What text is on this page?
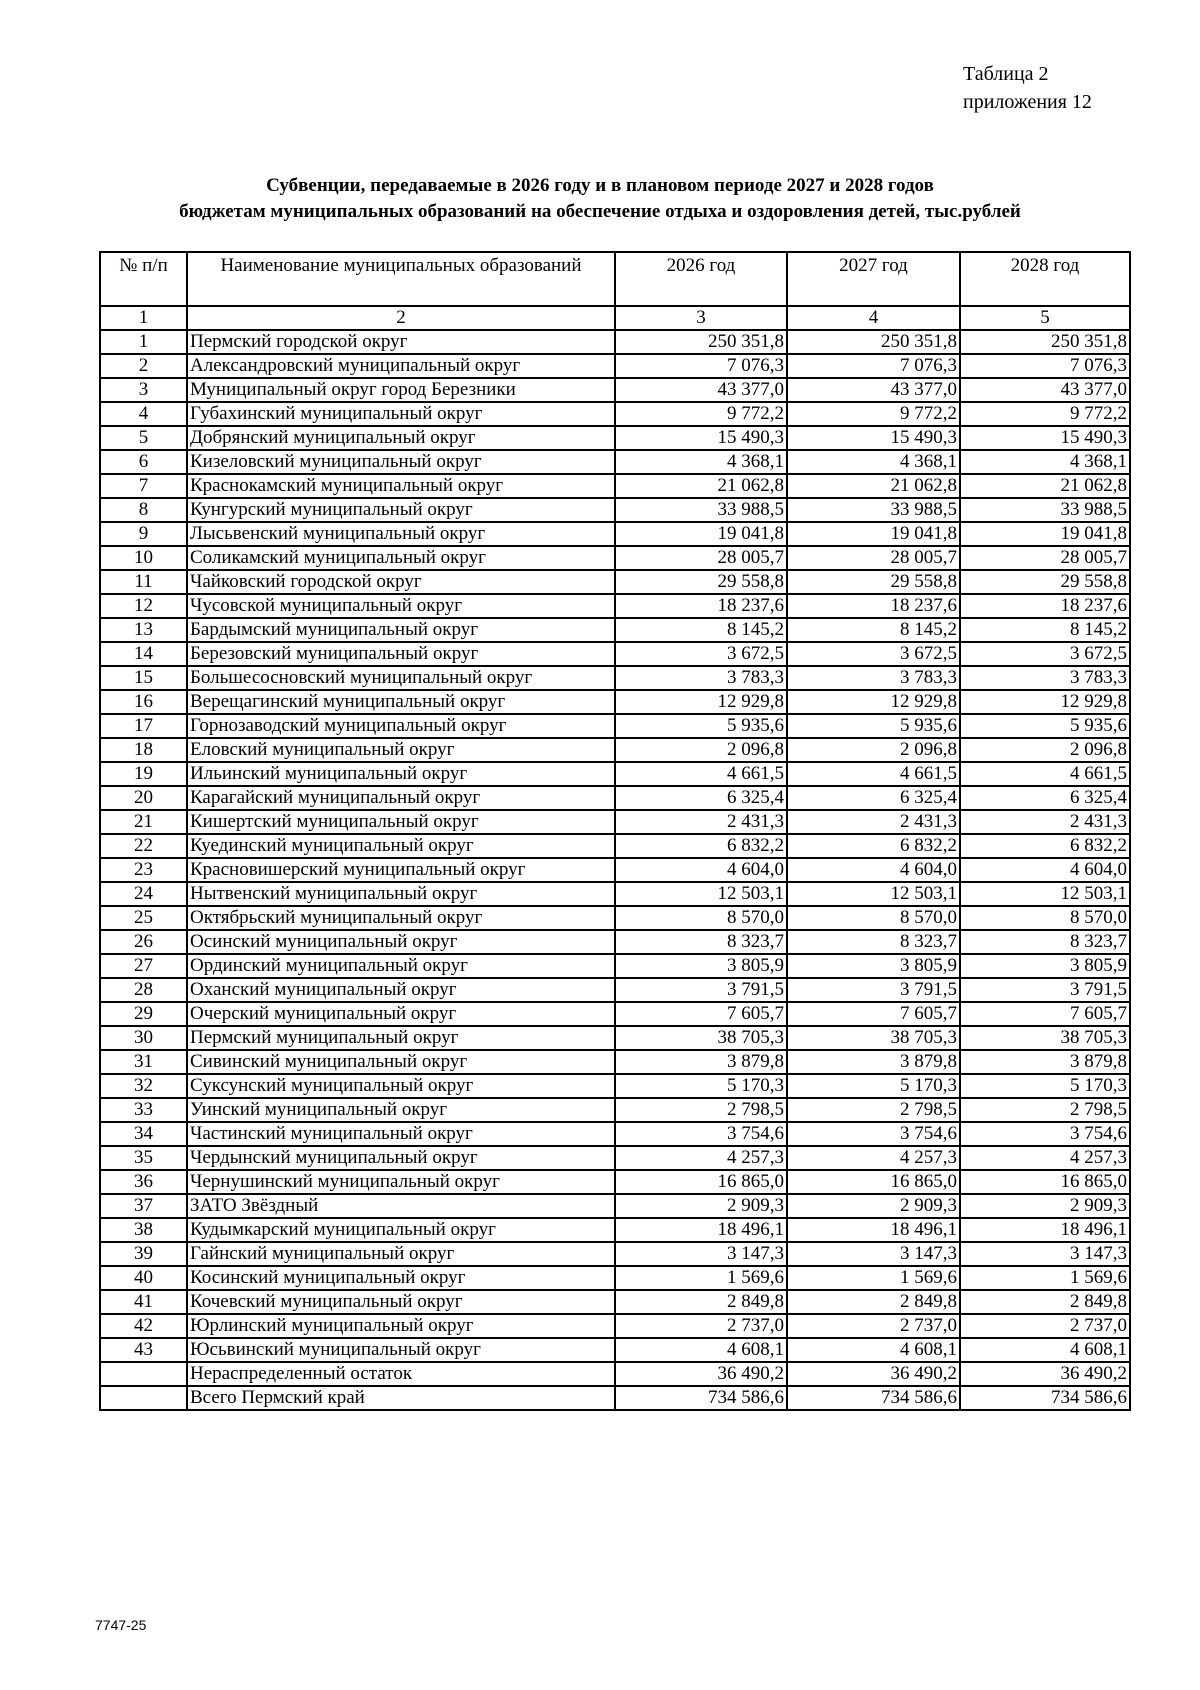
Таблица 2
приложения 12
Субвенции, передаваемые в 2026 году и в плановом периоде 2027 и 2028 годов
бюджетам муниципальных образований на обеспечение отдыха и оздоровления детей, тыс.рублей
№ п/п	Наименование муниципальных образований	2026 год	2027 год	2028 год
1	2	3	4	5
1	Пермский городской округ	250 351,8	250 351,8	250 351,8
2	Александровский муниципальный округ	7 076,3	7 076,3	7 076,3
3	Муниципальный округ город Березники	43 377,0	43 377,0	43 377,0
4	Губахинский муниципальный округ	9 772,2	9 772,2	9 772,2
5	Добрянский муниципальный округ	15 490,3	15 490,3	15 490,3
6	Кизеловский муниципальный округ	4 368,1	4 368,1	4 368,1
7	Краснокамский муниципальный округ	21 062,8	21 062,8	21 062,8
8	Кунгурский муниципальный округ	33 988,5	33 988,5	33 988,5
9	Лысьвенский муниципальный округ	19 041,8	19 041,8	19 041,8
10	Соликамский муниципальный округ	28 005,7	28 005,7	28 005,7
11	Чайковский городской округ	29 558,8	29 558,8	29 558,8
12	Чусовской муниципальный округ	18 237,6	18 237,6	18 237,6
13	Бардымский муниципальный округ	8 145,2	8 145,2	8 145,2
14	Березовский муниципальный округ	3 672,5	3 672,5	3 672,5
15	Большесосновский муниципальный округ	3 783,3	3 783,3	3 783,3
16	Верещагинский муниципальный округ	12 929,8	12 929,8	12 929,8
17	Горнозаводский муниципальный округ	5 935,6	5 935,6	5 935,6
18	Еловский муниципальный округ	2 096,8	2 096,8	2 096,8
19	Ильинский муниципальный округ	4 661,5	4 661,5	4 661,5
20	Карагайский муниципальный округ	6 325,4	6 325,4	6 325,4
21	Кишертский муниципальный округ	2 431,3	2 431,3	2 431,3
22	Куединский муниципальный округ	6 832,2	6 832,2	6 832,2
23	Красновишерский муниципальный округ	4 604,0	4 604,0	4 604,0
24	Нытвенский муниципальный округ	12 503,1	12 503,1	12 503,1
25	Октябрьский муниципальный округ	8 570,0	8 570,0	8 570,0
26	Осинский муниципальный округ	8 323,7	8 323,7	8 323,7
27	Ординский муниципальный округ	3 805,9	3 805,9	3 805,9
28	Оханский муниципальный округ	3 791,5	3 791,5	3 791,5
29	Очерский муниципальный округ	7 605,7	7 605,7	7 605,7
30	Пермский муниципальный округ	38 705,3	38 705,3	38 705,3
31	Сивинский муниципальный округ	3 879,8	3 879,8	3 879,8
32	Суксунский муниципальный округ	5 170,3	5 170,3	5 170,3
33	Уинский муниципальный округ	2 798,5	2 798,5	2 798,5
34	Частинский муниципальный округ	3 754,6	3 754,6	3 754,6
35	Чердынский муниципальный округ	4 257,3	4 257,3	4 257,3
36	Чернушинский муниципальный округ	16 865,0	16 865,0	16 865,0
37	ЗАТО Звёздный	2 909,3	2 909,3	2 909,3
38	Кудымкарский муниципальный округ	18 496,1	18 496,1	18 496,1
39	Гайнский муниципальный округ	3 147,3	3 147,3	3 147,3
40	Косинский муниципальный округ	1 569,6	1 569,6	1 569,6
41	Кочевский муниципальный округ	2 849,8	2 849,8	2 849,8
42	Юрлинский муниципальный округ	2 737,0	2 737,0	2 737,0
43	Юсьвинский муниципальный округ	4 608,1	4 608,1	4 608,1
	Нераспределенный остаток	36 490,2	36 490,2	36 490,2
	Всего Пермский край	734 586,6	734 586,6	734 586,6
7747-25
